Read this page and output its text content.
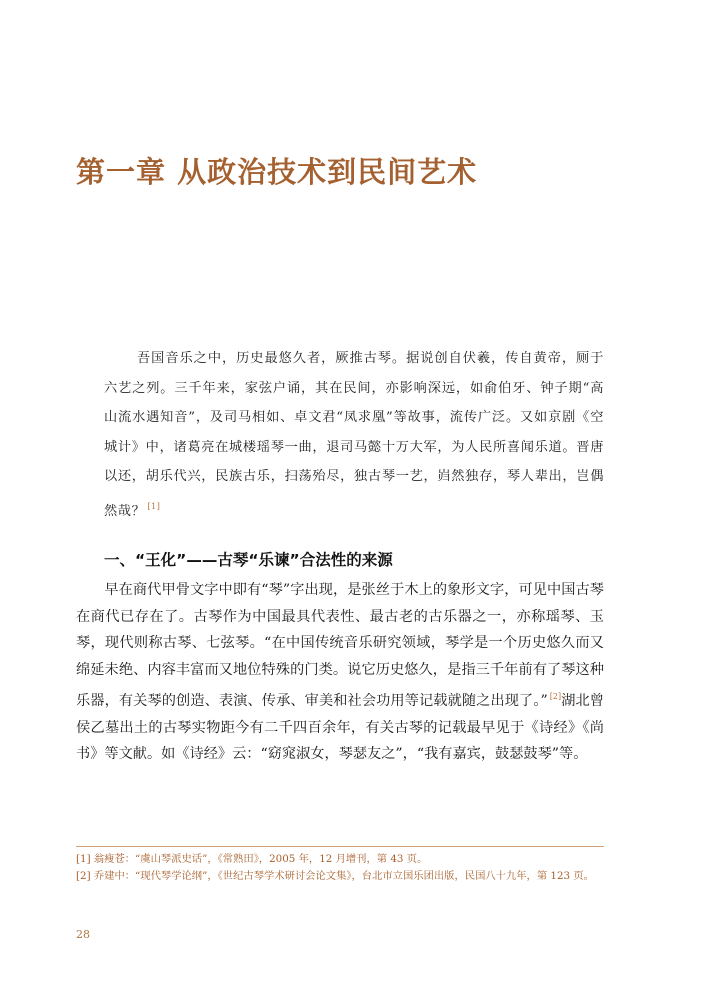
第一章 从政治技术到民间艺术

吾国音乐之中，历史最悠久者，厥推古琴。据说创自伏羲，传自黄帝，厕于六艺之列。三千年来，家弦户诵，其在民间，亦影响深远，如俞伯牙、钟子期“高山流水遇知音”，及司马相如、卓文君“凤求凰”等故事，流传广泛。又如京剧《空城计》中，诸葛亮在城楼瑶琴一曲，退司马懿十万大军，为人民所喜闻乐道。晋唐以还，胡乐代兴，民族古乐，扫荡殆尽，独古琴一艺，岿然独存，琴人辈出，岂偶然哉？ [1]

一、“王化”——古琴“乐谏”合法性的来源

早在商代甲骨文字中即有“琴”字出现，是张丝于木上的象形文字，可见中国古琴在商代已存在了。古琴作为中国最具代表性、最古老的古乐器之一，亦称瑶琴、玉琴，现代则称古琴、七弦琴。“在中国传统音乐研究领域，琴学是一个历史悠久而又绵延未绝、内容丰富而又地位特殊的门类。说它历史悠久，是指三千年前有了琴这种乐器，有关琴的创造、表演、传承、审美和社会功用等记载就随之出现了。” [2]湖北曾侯乙墓出土的古琴实物距今有二千四百余年，有关古琴的记载最早见于《诗经》《尚书》等文献。如《诗经》云：“窈窕淑女，琴瑟友之”，“我有嘉宾，鼓瑟鼓琴”等。

[1] 翁瘦苍：“虞山琴派史话”，《常熟田》，2005 年，12 月增刊，第 43 页。
[2] 乔建中：“现代琴学论纲”，《世纪古琴学术研讨会论文集》，台北市立国乐团出版，民国八十九年，第 123 页。
28
